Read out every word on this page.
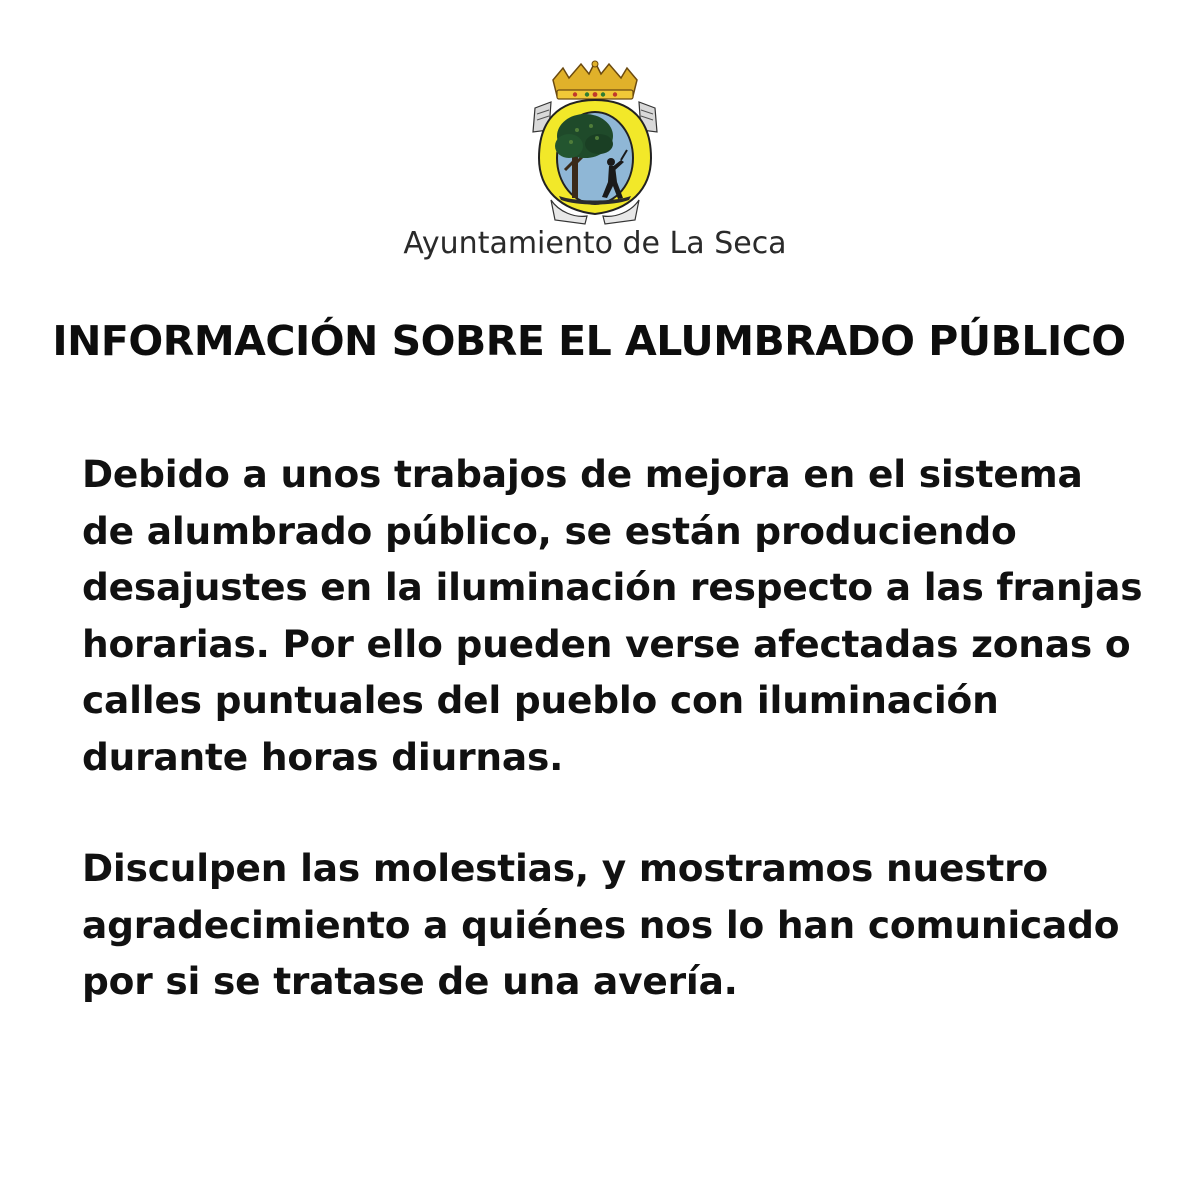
Ayuntamiento de La Seca
INFORMACIÓN SOBRE EL ALUMBRADO PÚBLICO
Debido a unos trabajos de mejora en el sistema
de alumbrado público, se están produciendo
desajustes en la iluminación respecto a las franjas
horarias. Por ello pueden verse afectadas zonas o
calles puntuales del pueblo con iluminación
durante horas diurnas.
Disculpen las molestias, y mostramos nuestro
agradecimiento a quiénes nos lo han comunicado
por si se tratase de una avería.
